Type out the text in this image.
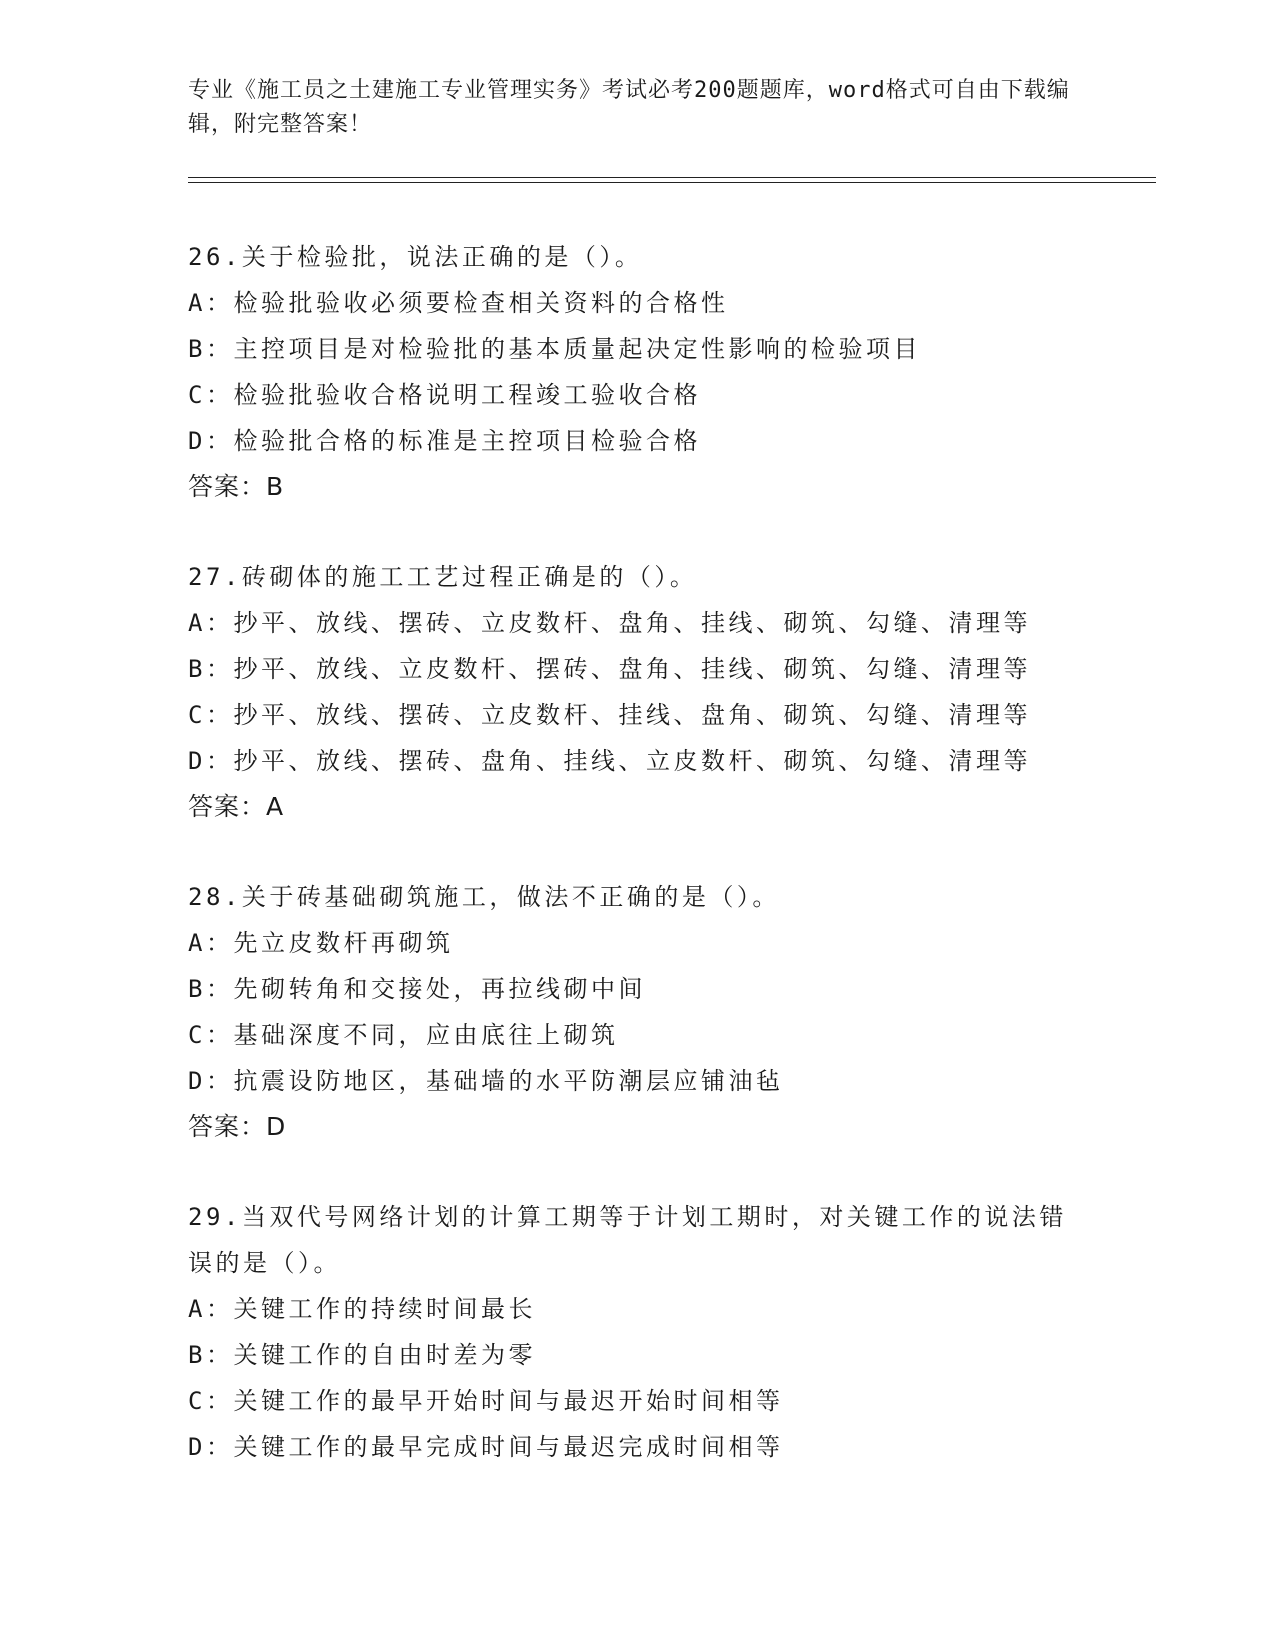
专业《施工员之土建施工专业管理实务》考试必考200题题库，word格式可自由下载编辑，附完整答案！
26.关于检验批，说法正确的是（）。
A：检验批验收必须要检查相关资料的合格性
B：主控项目是对检验批的基本质量起决定性影响的检验项目
C：检验批验收合格说明工程竣工验收合格
D：检验批合格的标准是主控项目检验合格
答案：B
27.砖砌体的施工工艺过程正确是的（）。
A：抄平、放线、摆砖、立皮数杆、盘角、挂线、砌筑、勾缝、清理等
B：抄平、放线、立皮数杆、摆砖、盘角、挂线、砌筑、勾缝、清理等
C：抄平、放线、摆砖、立皮数杆、挂线、盘角、砌筑、勾缝、清理等
D：抄平、放线、摆砖、盘角、挂线、立皮数杆、砌筑、勾缝、清理等
答案：A
28.关于砖基础砌筑施工，做法不正确的是（）。
A：先立皮数杆再砌筑
B：先砌转角和交接处，再拉线砌中间
C：基础深度不同，应由底往上砌筑
D：抗震设防地区，基础墙的水平防潮层应铺油毡
答案：D
29.当双代号网络计划的计算工期等于计划工期时，对关键工作的说法错误的是（）。
A：关键工作的持续时间最长
B：关键工作的自由时差为零
C：关键工作的最早开始时间与最迟开始时间相等
D：关键工作的最早完成时间与最迟完成时间相等
